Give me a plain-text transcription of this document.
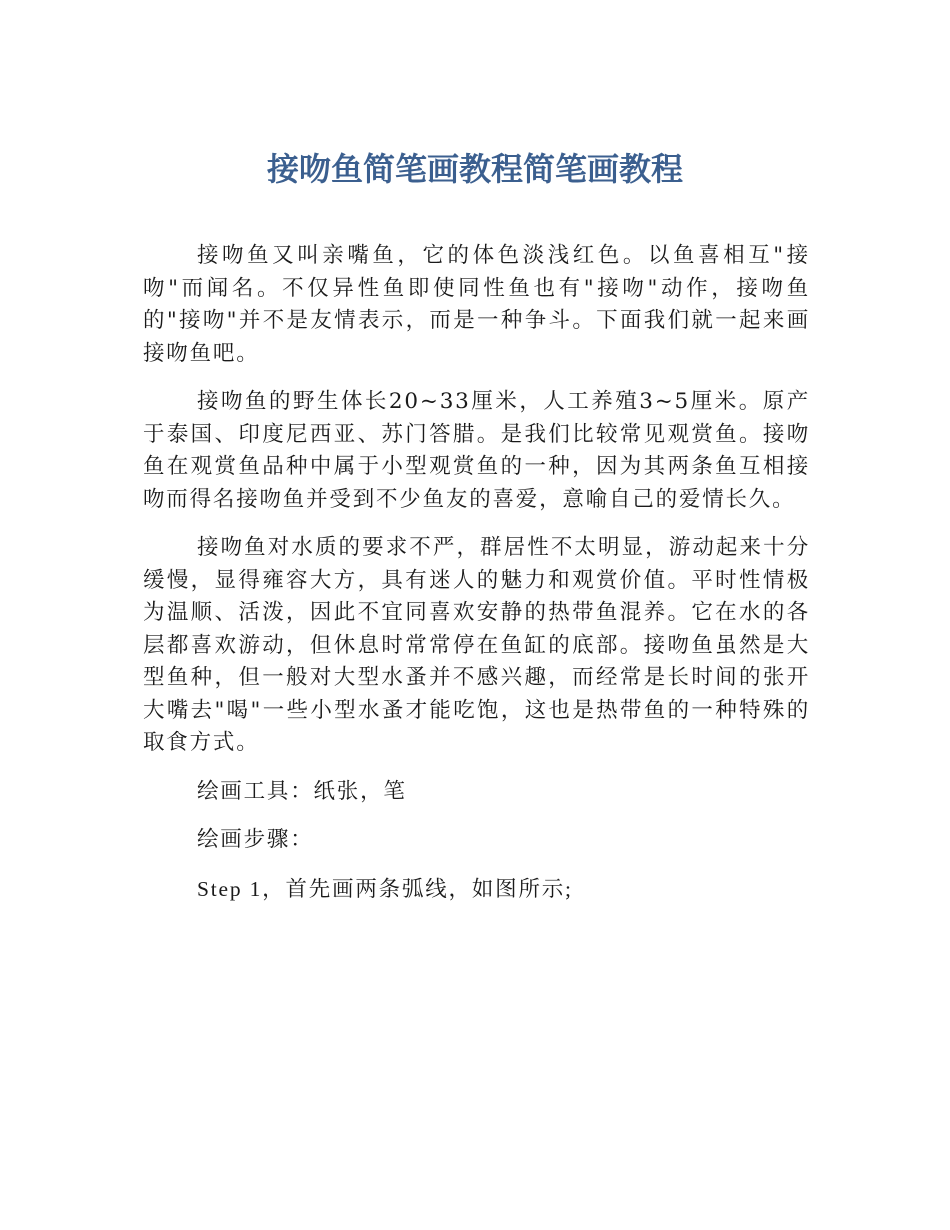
接吻鱼简笔画教程简笔画教程

接吻鱼又叫亲嘴鱼，它的体色淡浅红色。以鱼喜相互"接吻"而闻名。不仅异性鱼即使同性鱼也有"接吻"动作，接吻鱼的"接吻"并不是友情表示，而是一种争斗。下面我们就一起来画接吻鱼吧。

接吻鱼的野生体长20~33厘米，人工养殖3~5厘米。原产于泰国、印度尼西亚、苏门答腊。是我们比较常见观赏鱼。接吻鱼在观赏鱼品种中属于小型观赏鱼的一种，因为其两条鱼互相接吻而得名接吻鱼并受到不少鱼友的喜爱，意喻自己的爱情长久。

接吻鱼对水质的要求不严，群居性不太明显，游动起来十分缓慢，显得雍容大方，具有迷人的魅力和观赏价值。平时性情极为温顺、活泼，因此不宜同喜欢安静的热带鱼混养。它在水的各层都喜欢游动，但休息时常常停在鱼缸的底部。接吻鱼虽然是大型鱼种，但一般对大型水蚤并不感兴趣，而经常是长时间的张开大嘴去"喝"一些小型水蚤才能吃饱，这也是热带鱼的一种特殊的取食方式。

绘画工具：纸张，笔

绘画步骤：

Step 1，首先画两条弧线，如图所示;
